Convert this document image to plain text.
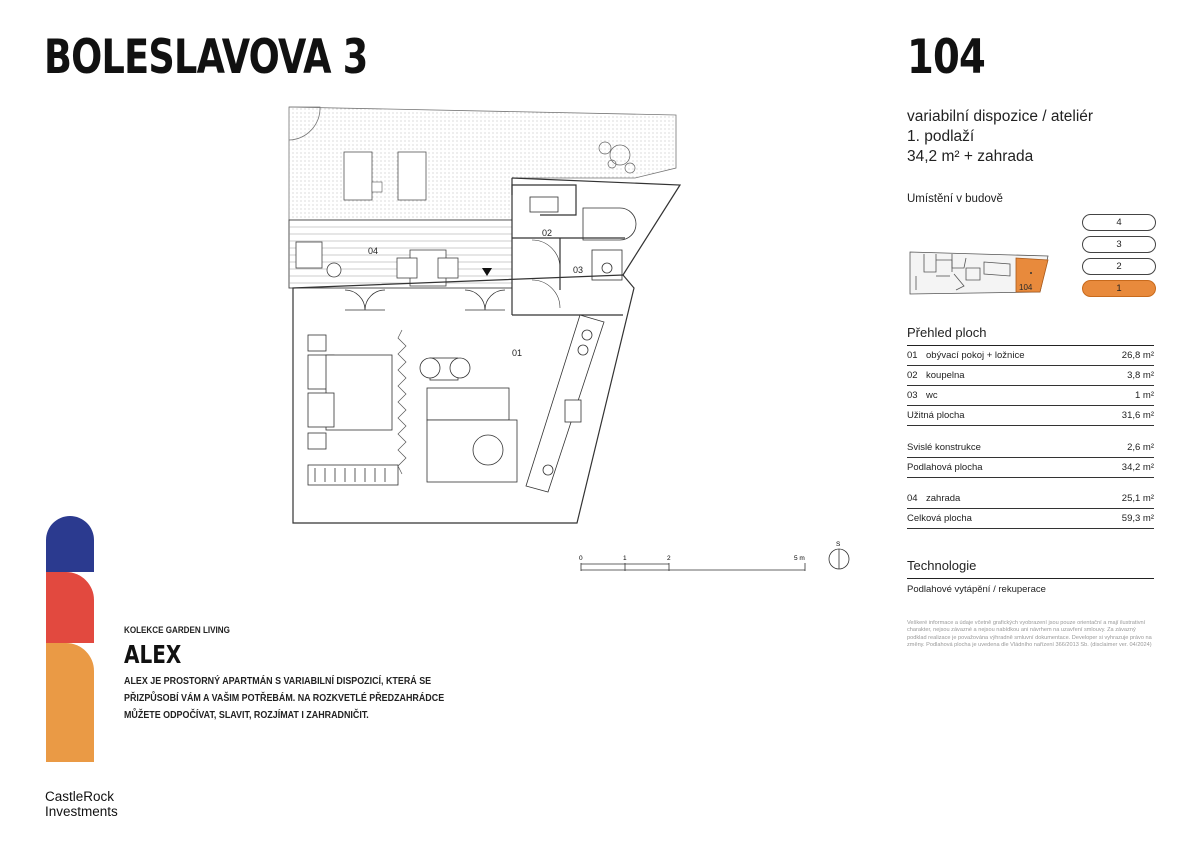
BOLESLAVOVA 3	104
variabilní dispozice / ateliér
1. podlaží
34,2 m² + zahrada
Umístění v budově
104
4
3
2
1
Přehled ploch
01 obývací pokoj + ložnice	26,8 m²
02 koupelna	3,8 m²
03 wc	1 m²
Užitná plocha	31,6 m²
Svislé konstrukce	2,6 m²
Podlahová plocha	34,2 m²
04 zahrada	25,1 m²
Celková plocha	59,3 m²
Technologie
Podlahové vytápění / rekuperace
Veškeré informace a údaje včetně grafických vyobrazení jsou pouze orientační a mají ilustrativní charakter, nejsou závazné a nejsou nabídkou ani návrhem na uzavření smlouvy. Za závazný podklad realizace je považována výhradně smluvní dokumentace. Developer si vyhrazuje právo na změny. Podlahová plocha je uvedena dle Vládního nařízení 366/2013 Sb. (disclaimer ver. 04/2024)
04
02
03
01
0	1	2	5 m
S
KOLEKCE GARDEN LIVING
ALEX
ALEX JE PROSTORNÝ APARTMÁN S VARIABILNÍ DISPOZICÍ, KTERÁ SE PŘIZPŮSOBÍ VÁM A VAŠIM POTŘEBÁM. NA ROZKVETLÉ PŘEDZAHRÁDCE MŮŽETE ODPOČÍVAT, SLAVIT, ROZJÍMAT I ZAHRADNIČIT.
CastleRock
Investments
